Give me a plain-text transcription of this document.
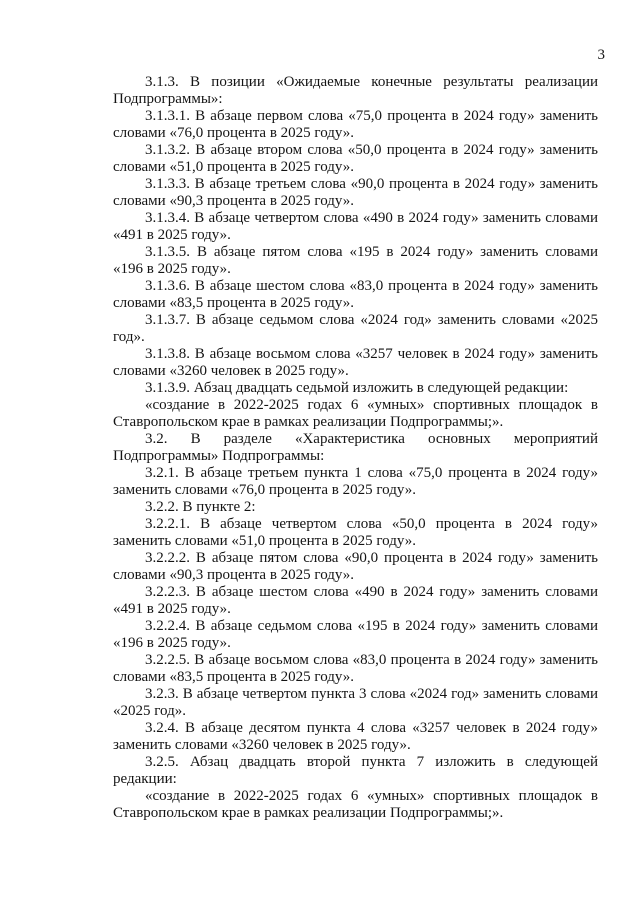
3

3.1.3. В позиции «Ожидаемые конечные результаты реализации Подпрограммы»:

3.1.3.1. В абзаце первом слова «75,0 процента в 2024 году» заменить словами «76,0 процента в 2025 году».

3.1.3.2. В абзаце втором слова «50,0 процента в 2024 году» заменить словами «51,0 процента в 2025 году».

3.1.3.3. В абзаце третьем слова «90,0 процента в 2024 году» заменить словами «90,3 процента в 2025 году».

3.1.3.4. В абзаце четвертом слова «490 в 2024 году» заменить словами «491 в 2025 году».

3.1.3.5. В абзаце пятом слова «195 в 2024 году» заменить словами «196 в 2025 году».

3.1.3.6. В абзаце шестом слова «83,0 процента в 2024 году» заменить словами «83,5 процента в 2025 году».

3.1.3.7. В абзаце седьмом слова «2024 год» заменить словами «2025 год».

3.1.3.8. В абзаце восьмом слова «3257 человек в 2024 году» заменить словами «3260 человек в 2025 году».

3.1.3.9. Абзац двадцать седьмой изложить в следующей редакции:

«создание в 2022-2025 годах 6 «умных» спортивных площадок в Ставропольском крае в рамках реализации Подпрограммы;».

3.2. В разделе «Характеристика основных мероприятий Подпрограммы» Подпрограммы:

3.2.1. В абзаце третьем пункта 1 слова «75,0 процента в 2024 году» заменить словами «76,0 процента в 2025 году».

3.2.2. В пункте 2:

3.2.2.1. В абзаце четвертом слова «50,0 процента в 2024 году» заменить словами «51,0 процента в 2025 году».

3.2.2.2. В абзаце пятом слова «90,0 процента в 2024 году» заменить словами «90,3 процента в 2025 году».

3.2.2.3. В абзаце шестом слова «490 в 2024 году» заменить словами «491 в 2025 году».

3.2.2.4. В абзаце седьмом слова «195 в 2024 году» заменить словами «196 в 2025 году».

3.2.2.5. В абзаце восьмом слова «83,0 процента в 2024 году» заменить словами «83,5 процента в 2025 году».

3.2.3. В абзаце четвертом пункта 3 слова «2024 год» заменить словами «2025 год».

3.2.4. В абзаце десятом пункта 4 слова «3257 человек в 2024 году» заменить словами «3260 человек в 2025 году».

3.2.5. Абзац двадцать второй пункта 7 изложить в следующей редакции:

«создание в 2022-2025 годах 6 «умных» спортивных площадок в Ставропольском крае в рамках реализации Подпрограммы;».
